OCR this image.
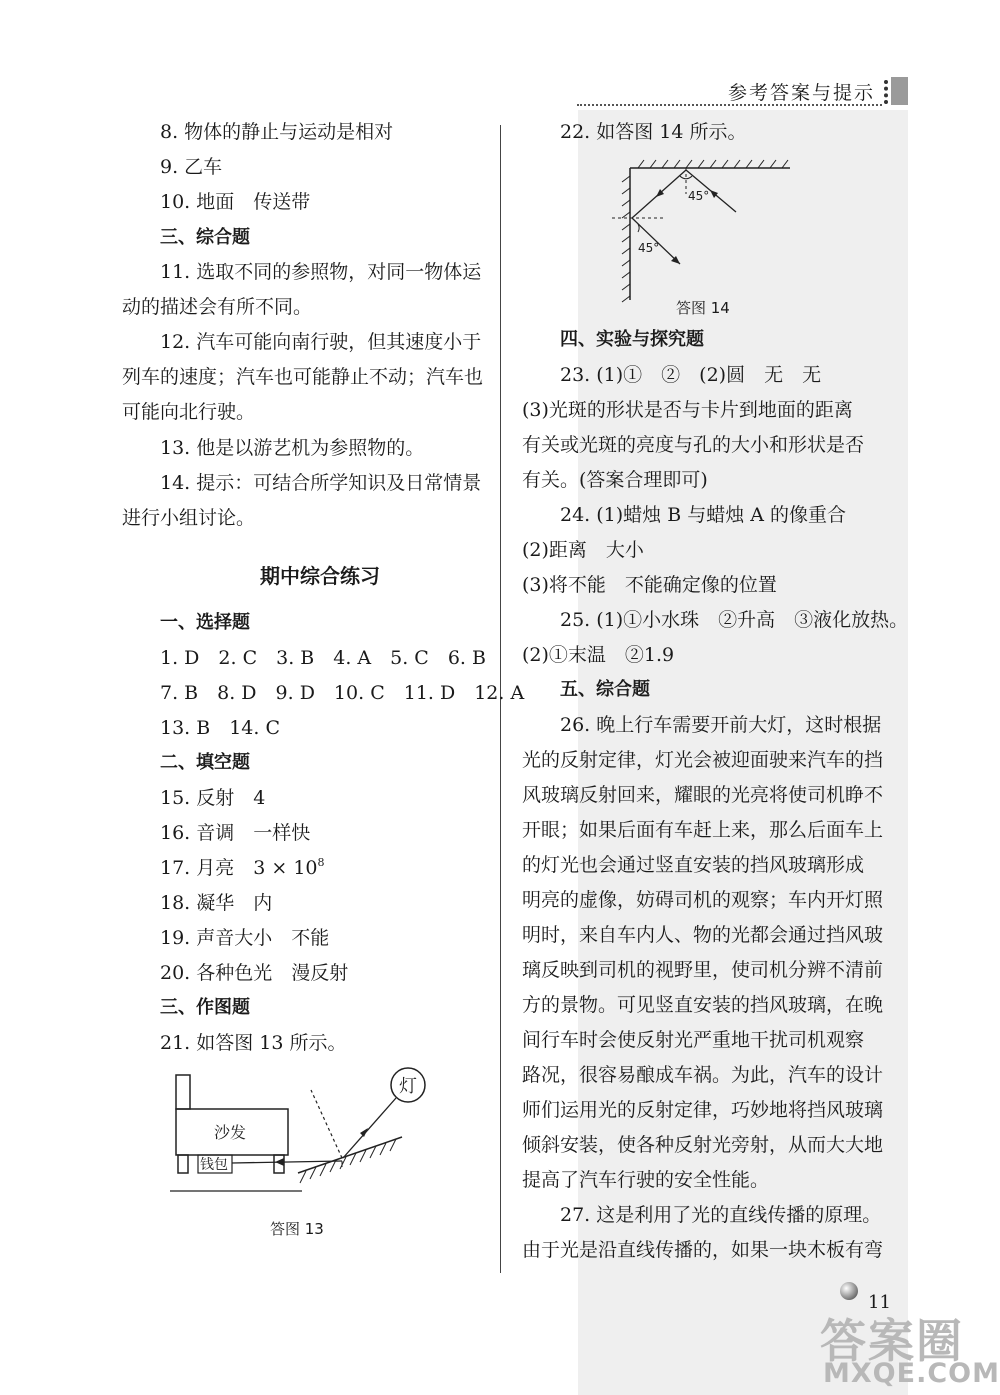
参考答案与提示
8. 物体的静止与运动是相对
9. 乙车
10. 地面　传送带
三、综合题
11. 选取不同的参照物，对同一物体运
动的描述会有所不同。
12. 汽车可能向南行驶，但其速度小于
列车的速度；汽车也可能静止不动；汽车也
可能向北行驶。
13. 他是以游艺机为参照物的。
14. 提示：可结合所学知识及日常情景
进行小组讨论。
期中综合练习
一、选择题
1. D　2. C　3. B　4. A　5. C　6. B
7. B　8. D　9. D　10. C　11. D　12. A
13. B　14. C
二、填空题
15. 反射　4
16. 音调　一样快
17. 月亮　$3 \times 10^8$
18. 凝华　内
19. 声音大小　不能
20. 各种色光　漫反射
三、作图题
21. 如答图 13 所示。
沙发
钱包
灯
答图 13
22. 如答图 14 所示。
45°
45°
答图 14
四、实验与探究题
23. (1)①　②　(2)圆　无　无
(3)光斑的形状是否与卡片到地面的距离
有关或光斑的亮度与孔的大小和形状是否
有关。(答案合理即可)
24. (1)蜡烛 B 与蜡烛 A 的像重合
(2)距离　大小
(3)将不能　不能确定像的位置
25. (1)①小水珠　②升高　③液化放热。
(2)①末温　②1.9
五、综合题
26. 晚上行车需要开前大灯，这时根据
光的反射定律，灯光会被迎面驶来汽车的挡
风玻璃反射回来，耀眼的光亮将使司机睁不
开眼；如果后面有车赶上来，那么后面车上
的灯光也会通过竖直安装的挡风玻璃形成
明亮的虚像，妨碍司机的观察；车内开灯照
明时，来自车内人、物的光都会通过挡风玻
璃反映到司机的视野里，使司机分辨不清前
方的景物。可见竖直安装的挡风玻璃，在晚
间行车时会使反射光严重地干扰司机观察
路况，很容易酿成车祸。为此，汽车的设计
师们运用光的反射定律，巧妙地将挡风玻璃
倾斜安装，使各种反射光旁射，从而大大地
提高了汽车行驶的安全性能。
27. 这是利用了光的直线传播的原理。
由于光是沿直线传播的，如果一块木板有弯
11
答案圈
MXQE.COM
